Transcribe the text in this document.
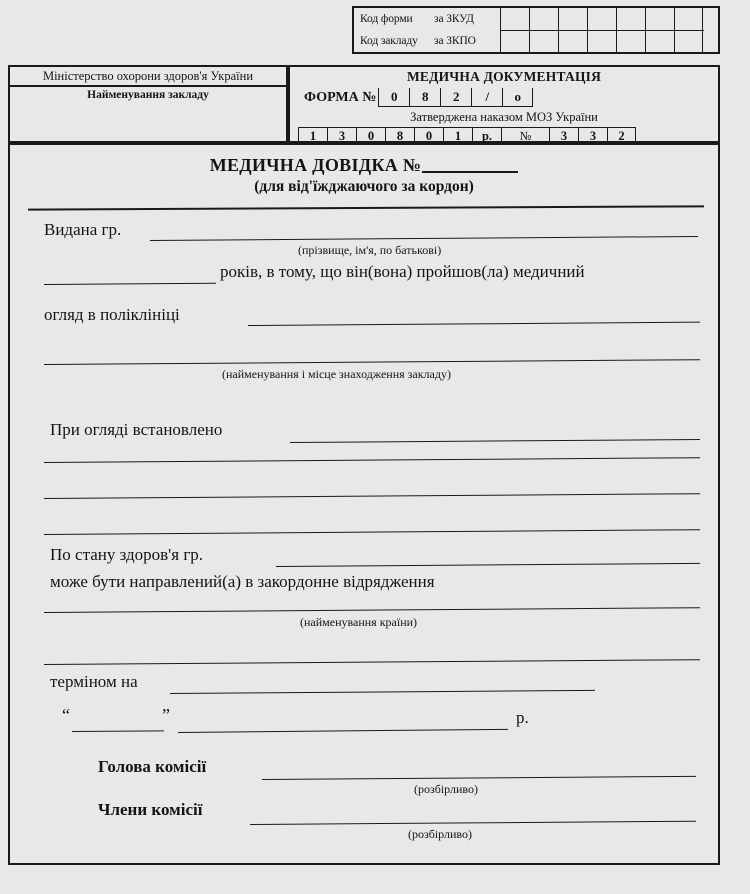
Код форми за ЗКУД
Код закладу за ЗКПО
Міністерство охорони здоров'я України
Найменування закладу
МЕДИЧНА ДОКУМЕНТАЦІЯ
ФОРМА №	0	8	2	/	о
Затверджена наказом МОЗ України
1	3	0	8	0	1	р.	№	3	3	2
МЕДИЧНА ДОВІДКА №
(для від'їжджаючого за кордон)
Видана гр.
(прізвище, ім'я, по батькові)
років, в тому, що він(вона) пройшов(ла) медичний
огляд в поліклініці
(найменування і місце знаходження закладу)
При огляді встановлено
По стану здоров'я гр.
може бути направлений(а) в закордонне відрядження
(найменування країни)
терміном на
“	”	р.
Голова комісії
(розбірливо)
Члени комісії
(розбірливо)
